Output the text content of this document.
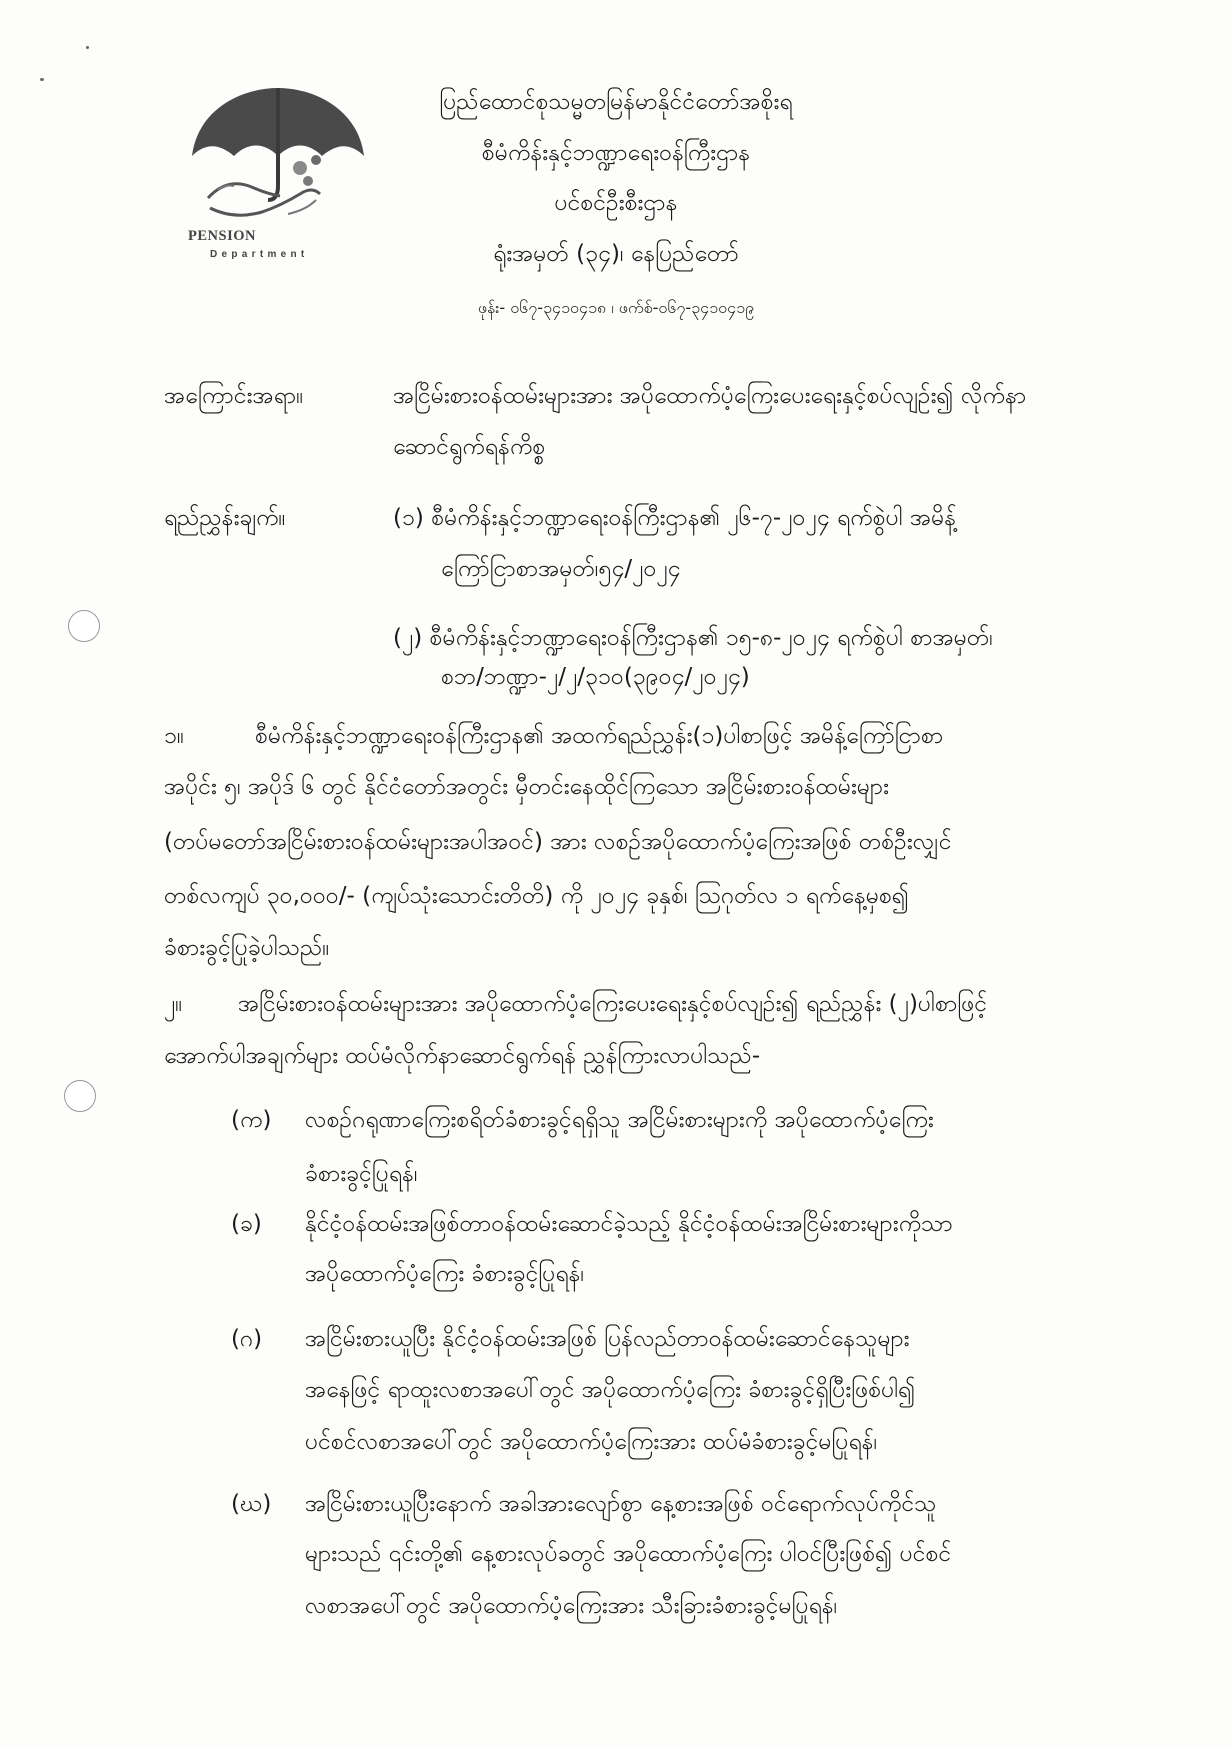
PENSION
Department
ပြည်ထောင်စုသမ္မတမြန်မာနိုင်ငံတော်အစိုးရ
စီမံကိန်းနှင့်ဘဏ္ဍာရေးဝန်ကြီးဌာန
ပင်စင်ဦးစီးဌာန
ရုံးအမှတ် (၃၄)၊ နေပြည်တော်
ဖုန်း- ၀၆၇-၃၄၁၀၄၁၈ ၊ ဖက်စ်-၀၆၇-၃၄၁၀၄၁၉
အကြောင်းအရာ။	အငြိမ်းစားဝန်ထမ်းများအား အပိုထောက်ပံ့ကြေးပေးရေးနှင့်စပ်လျဉ်း၍ လိုက်နာ
ဆောင်ရွက်ရန်ကိစ္စ
ရည်ညွှန်းချက်။	(၁) စီမံကိန်းနှင့်ဘဏ္ဍာရေးဝန်ကြီးဌာန၏ ၂၆-၇-၂၀၂၄ ရက်စွဲပါ အမိန့်
ကြော်ငြာစာအမှတ်၊၅၄/၂၀၂၄
(၂) စီမံကိန်းနှင့်ဘဏ္ဍာရေးဝန်ကြီးဌာန၏ ၁၅-၈-၂၀၂၄ ရက်စွဲပါ စာအမှတ်၊
စဘ/ဘဏ္ဍာ-၂/၂/၃၁၀(၃၉၀၄/၂၀၂၄)
၁။	စီမံကိန်းနှင့်ဘဏ္ဍာရေးဝန်ကြီးဌာန၏ အထက်ရည်ညွှန်း(၁)ပါစာဖြင့် အမိန့်ကြော်ငြာစာ
အပိုင်း ၅၊ အပိုဒ် ၆ တွင် နိုင်ငံတော်အတွင်း မှီတင်းနေထိုင်ကြသော အငြိမ်းစားဝန်ထမ်းများ
(တပ်မတော်အငြိမ်းစားဝန်ထမ်းများအပါအဝင်) အား လစဉ်အပိုထောက်ပံ့ကြေးအဖြစ် တစ်ဦးလျှင်
တစ်လကျပ် ၃၀,၀၀၀/- (ကျပ်သုံးသောင်းတိတိ) ကို ၂၀၂၄ ခုနှစ်၊ ဩဂုတ်လ ၁ ရက်နေ့မှစ၍
ခံစားခွင့်ပြုခဲ့ပါသည်။
၂။ အငြိမ်းစားဝန်ထမ်းများအား အပိုထောက်ပံ့ကြေးပေးရေးနှင့်စပ်လျဉ်း၍ ရည်ညွှန်း (၂)ပါစာဖြင့်
အောက်ပါအချက်များ ထပ်မံလိုက်နာဆောင်ရွက်ရန် ညွှန်ကြားလာပါသည်-
(က) လစဉ်ဂရုဏာကြေးစရိတ်ခံစားခွင့်ရရှိသူ အငြိမ်းစားများကို အပိုထောက်ပံ့ကြေး
ခံစားခွင့်ပြုရန်၊
(ခ) နိုင်ငံ့ဝန်ထမ်းအဖြစ်တာဝန်ထမ်းဆောင်ခဲ့သည့် နိုင်ငံ့ဝန်ထမ်းအငြိမ်းစားများကိုသာ
အပိုထောက်ပံ့ကြေး ခံစားခွင့်ပြုရန်၊
(ဂ) အငြိမ်းစားယူပြီး နိုင်ငံ့ဝန်ထမ်းအဖြစ် ပြန်လည်တာဝန်ထမ်းဆောင်နေသူများ
အနေဖြင့် ရာထူးလစာအပေါ်တွင် အပိုထောက်ပံ့ကြေး ခံစားခွင့်ရှိပြီးဖြစ်ပါ၍
ပင်စင်လစာအပေါ်တွင် အပိုထောက်ပံ့ကြေးအား ထပ်မံခံစားခွင့်မပြုရန်၊
(ဃ) အငြိမ်းစားယူပြီးနောက် အခါအားလျော်စွာ နေ့စားအဖြစ် ဝင်ရောက်လုပ်ကိုင်သူ
များသည် ၎င်းတို့၏ နေ့စားလုပ်ခတွင် အပိုထောက်ပံ့ကြေး ပါဝင်ပြီးဖြစ်၍ ပင်စင်
လစာအပေါ်တွင် အပိုထောက်ပံ့ကြေးအား သီးခြားခံစားခွင့်မပြုရန်၊
